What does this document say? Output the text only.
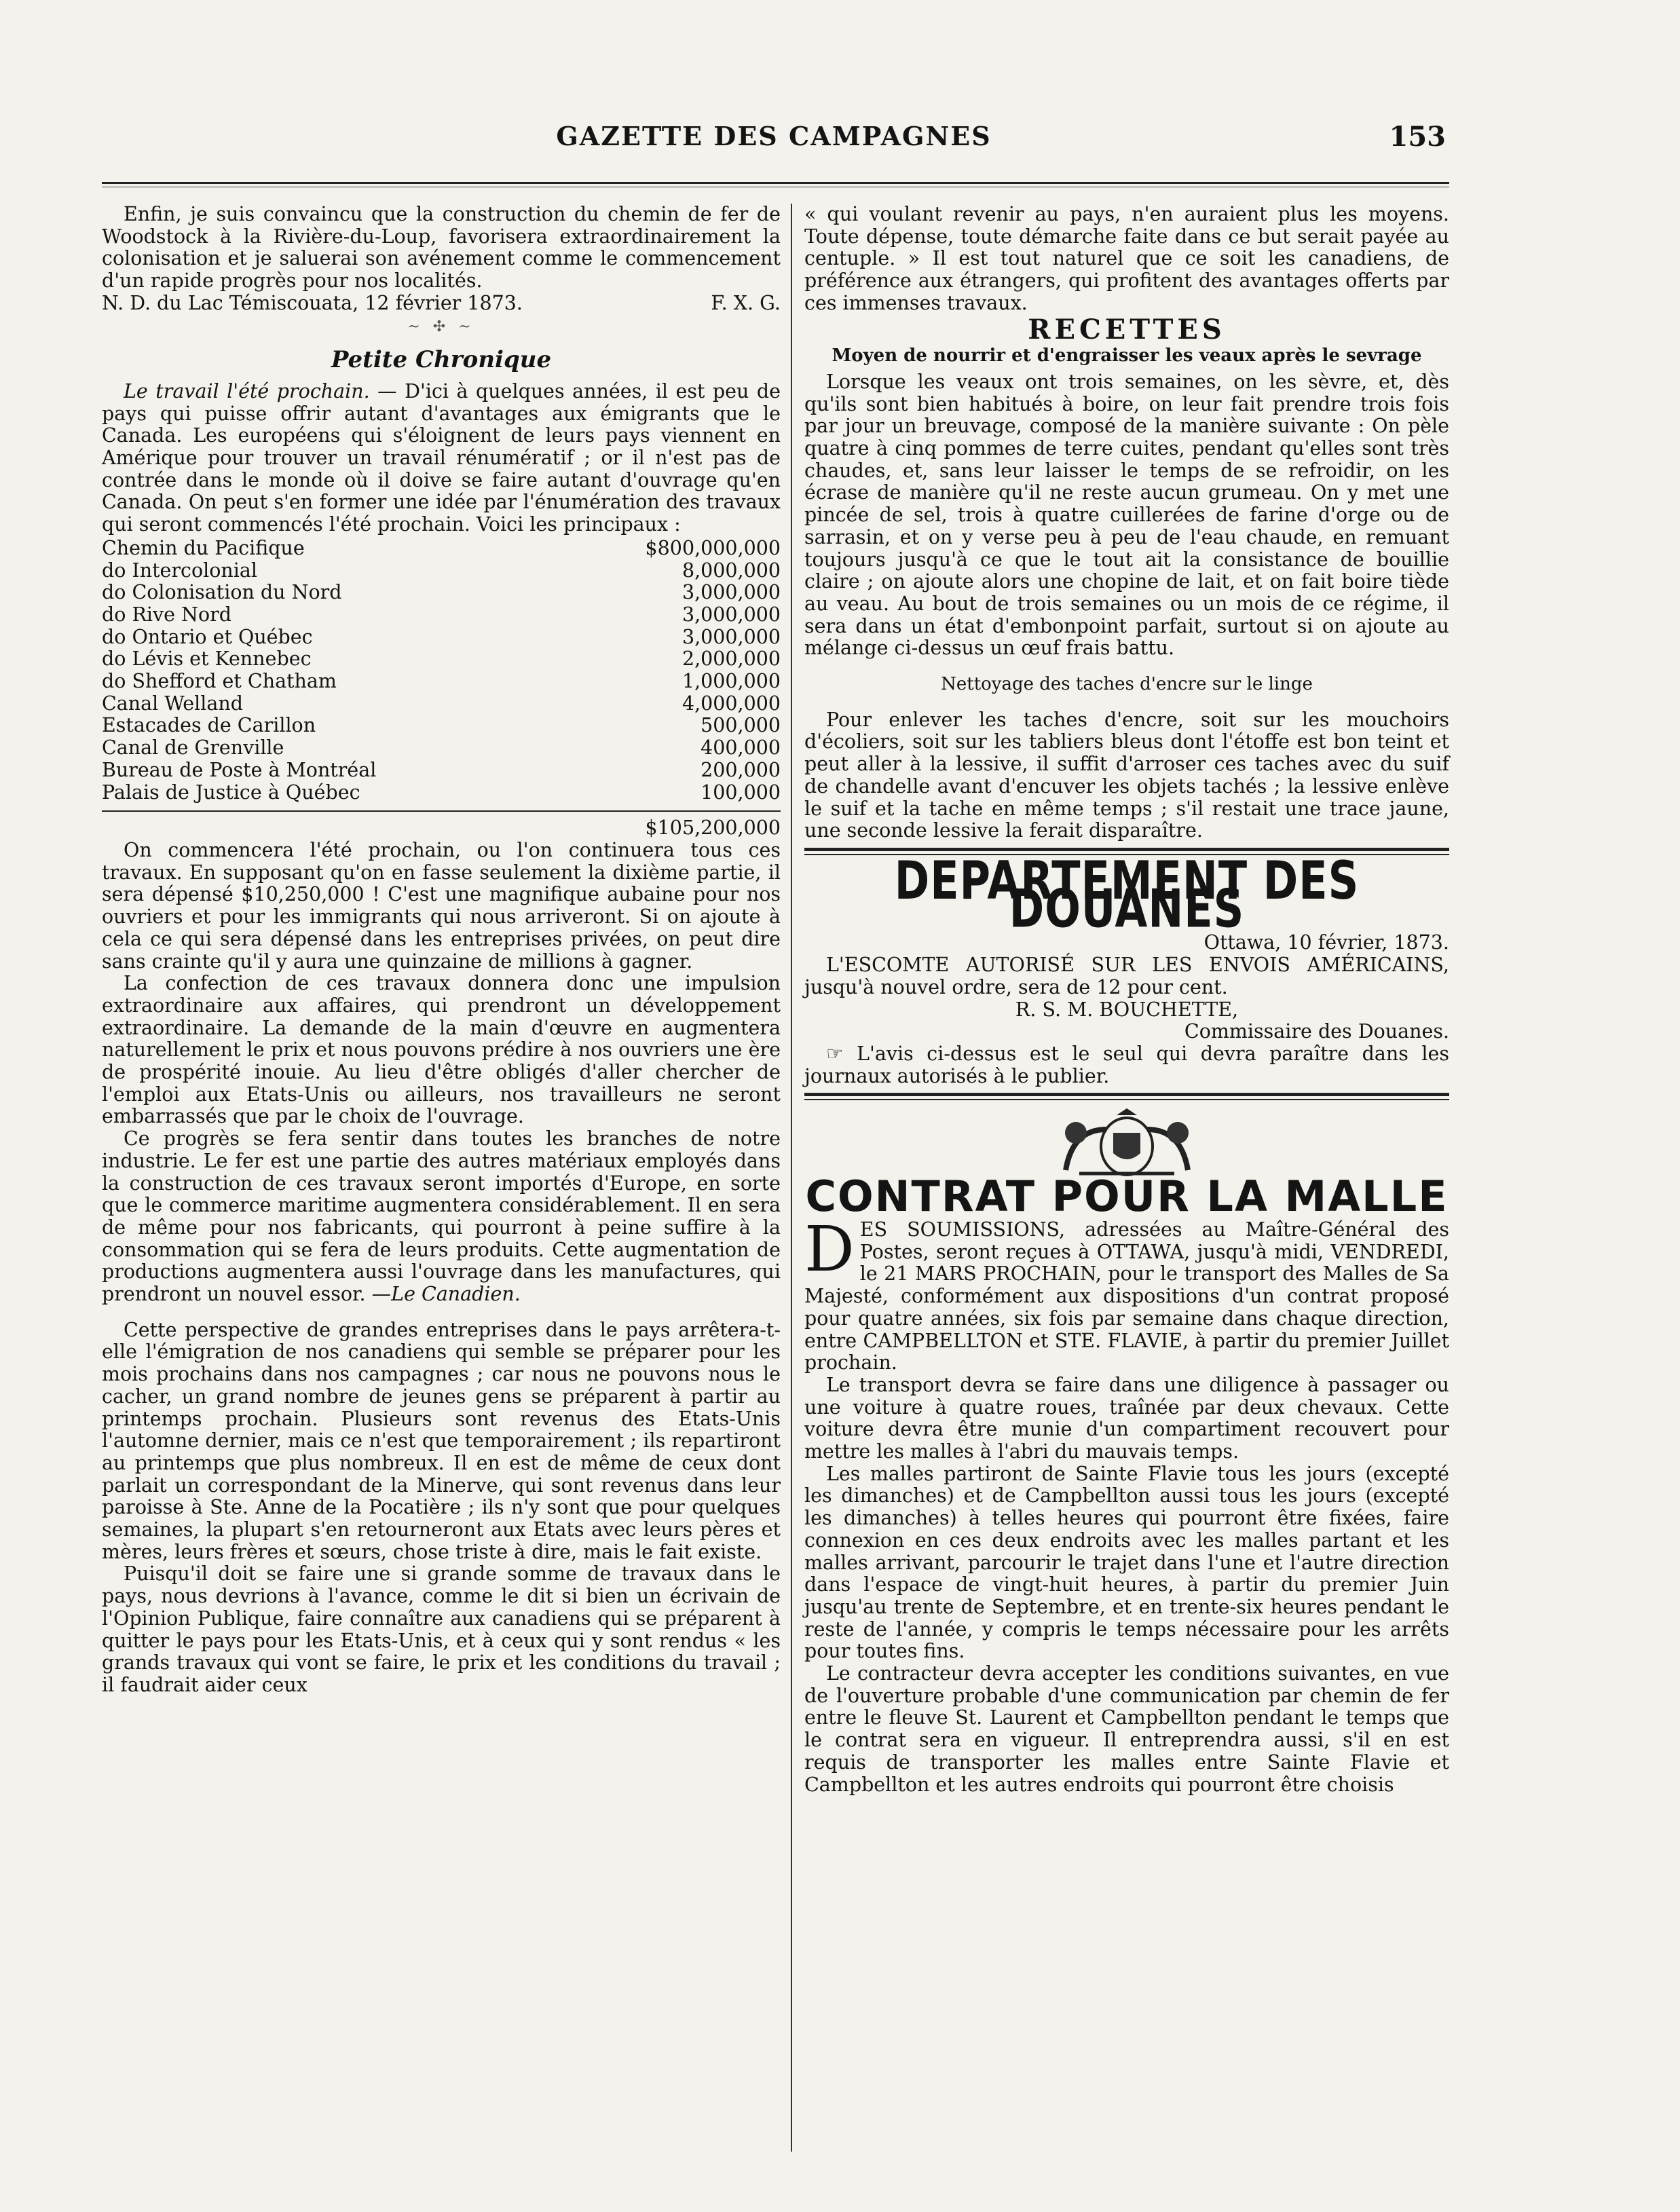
GAZETTE DES CAMPAGNES	153

Enfin, je suis convaincu que la construction du chemin de fer de Woodstock à la Rivière-du-Loup, favorisera extraordinairement la colonisation et je saluerai son avénement comme le commencement d'un rapide progrès pour nos localités.

N. D. du Lac Témiscouata, 12 février 1873.	F. X. G.
~ ✣ ~
Petite Chronique

Le travail l'été prochain. — D'ici à quelques années, il est peu de pays qui puisse offrir autant d'avantages aux émigrants que le Canada. Les européens qui s'éloignent de leurs pays viennent en Amérique pour trouver un travail rénumératif ; or il n'est pas de contrée dans le monde où il doive se faire autant d'ouvrage qu'en Canada. On peut s'en former une idée par l'énumération des travaux qui seront commencés l'été prochain. Voici les principaux :

Chemin du Pacifique	$800,000,000
do Intercolonial	8,000,000
do Colonisation du Nord	3,000,000
do Rive Nord	3,000,000
do Ontario et Québec	3,000,000
do Lévis et Kennebec	2,000,000
do Shefford et Chatham	1,000,000
Canal Welland	4,000,000
Estacades de Carillon	500,000
Canal de Grenville	400,000
Bureau de Poste à Montréal	200,000
Palais de Justice à Québec	100,000
$105,200,000

On commencera l'été prochain, ou l'on continuera tous ces travaux. En supposant qu'on en fasse seulement la dixième partie, il sera dépensé $10,250,000 ! C'est une magnifique aubaine pour nos ouvriers et pour les immigrants qui nous arriveront. Si on ajoute à cela ce qui sera dépensé dans les entreprises privées, on peut dire sans crainte qu'il y aura une quinzaine de millions à gagner.

La confection de ces travaux donnera donc une impulsion extraordinaire aux affaires, qui prendront un développement extraordinaire. La demande de la main d'œuvre en augmentera naturellement le prix et nous pouvons prédire à nos ouvriers une ère de prospérité inouie. Au lieu d'être obligés d'aller chercher de l'emploi aux Etats-Unis ou ailleurs, nos travailleurs ne seront embarrassés que par le choix de l'ouvrage.

Ce progrès se fera sentir dans toutes les branches de notre industrie. Le fer est une partie des autres matériaux employés dans la construction de ces travaux seront importés d'Europe, en sorte que le commerce maritime augmentera considérablement. Il en sera de même pour nos fabricants, qui pourront à peine suffire à la consommation qui se fera de leurs produits. Cette augmentation de productions augmentera aussi l'ouvrage dans les manufactures, qui prendront un nouvel essor. —Le Canadien.

Cette perspective de grandes entreprises dans le pays arrêtera-t-elle l'émigration de nos canadiens qui semble se préparer pour les mois prochains dans nos campagnes ; car nous ne pouvons nous le cacher, un grand nombre de jeunes gens se préparent à partir au printemps prochain. Plusieurs sont revenus des Etats-Unis l'automne dernier, mais ce n'est que temporairement ; ils repartiront au printemps que plus nombreux. Il en est de même de ceux dont parlait un correspondant de la Minerve, qui sont revenus dans leur paroisse à Ste. Anne de la Pocatière ; ils n'y sont que pour quelques semaines, la plupart s'en retourneront aux Etats avec leurs pères et mères, leurs frères et sœurs, chose triste à dire, mais le fait existe.

Puisqu'il doit se faire une si grande somme de travaux dans le pays, nous devrions à l'avance, comme le dit si bien un écrivain de l'Opinion Publique, faire connaître aux canadiens qui se préparent à quitter le pays pour les Etats-Unis, et à ceux qui y sont rendus « les grands travaux qui vont se faire, le prix et les conditions du travail ; il faudrait aider ceux

« qui voulant revenir au pays, n'en auraient plus les moyens. Toute dépense, toute démarche faite dans ce but serait payée au centuple. » Il est tout naturel que ce soit les canadiens, de préférence aux étrangers, qui profitent des avantages offerts par ces immenses travaux.

RECETTES
Moyen de nourrir et d'engraisser les veaux après le sevrage

Lorsque les veaux ont trois semaines, on les sèvre, et, dès qu'ils sont bien habitués à boire, on leur fait prendre trois fois par jour un breuvage, composé de la manière suivante : On pèle quatre à cinq pommes de terre cuites, pendant qu'elles sont très chaudes, et, sans leur laisser le temps de se refroidir, on les écrase de manière qu'il ne reste aucun grumeau. On y met une pincée de sel, trois à quatre cuillerées de farine d'orge ou de sarrasin, et on y verse peu à peu de l'eau chaude, en remuant toujours jusqu'à ce que le tout ait la consistance de bouillie claire ; on ajoute alors une chopine de lait, et on fait boire tiède au veau. Au bout de trois semaines ou un mois de ce régime, il sera dans un état d'embonpoint parfait, surtout si on ajoute au mélange ci-dessus un œuf frais battu.

Nettoyage des taches d'encre sur le linge

Pour enlever les taches d'encre, soit sur les mouchoirs d'écoliers, soit sur les tabliers bleus dont l'étoffe est bon teint et peut aller à la lessive, il suffit d'arroser ces taches avec du suif de chandelle avant d'encuver les objets tachés ; la lessive enlève le suif et la tache en même temps ; s'il restait une trace jaune, une seconde lessive la ferait disparaître.

DEPARTEMENT DES DOUANES
Ottawa, 10 février, 1873.

L'ESCOMTE AUTORISÉ SUR LES ENVOIS AMÉRICAINS, jusqu'à nouvel ordre, sera de 12 pour cent.

R. S. M. BOUCHETTE,
Commissaire des Douanes.

☞ L'avis ci-dessus est le seul qui devra paraître dans les journaux autorisés à le publier.

CONTRAT POUR LA MALLE

DES SOUMISSIONS, adressées au Maître-Général des Postes, seront reçues à OTTAWA, jusqu'à midi, VENDREDI, le 21 MARS PROCHAIN, pour le transport des Malles de Sa Majesté, conformément aux dispositions d'un contrat proposé pour quatre années, six fois par semaine dans chaque direction, entre CAMPBELLTON et STE. FLAVIE, à partir du premier Juillet prochain.

Le transport devra se faire dans une diligence à passager ou une voiture à quatre roues, traînée par deux chevaux. Cette voiture devra être munie d'un compartiment recouvert pour mettre les malles à l'abri du mauvais temps.

Les malles partiront de Sainte Flavie tous les jours (excepté les dimanches) et de Campbellton aussi tous les jours (excepté les dimanches) à telles heures qui pourront être fixées, faire connexion en ces deux endroits avec les malles partant et les malles arrivant, parcourir le trajet dans l'une et l'autre direction dans l'espace de vingt-huit heures, à partir du premier Juin jusqu'au trente de Septembre, et en trente-six heures pendant le reste de l'année, y compris le temps nécessaire pour les arrêts pour toutes fins.

Le contracteur devra accepter les conditions suivantes, en vue de l'ouverture probable d'une communication par chemin de fer entre le fleuve St. Laurent et Campbellton pendant le temps que le contrat sera en vigueur. Il entreprendra aussi, s'il en est requis de transporter les malles entre Sainte Flavie et Campbellton et les autres endroits qui pourront être choisis
